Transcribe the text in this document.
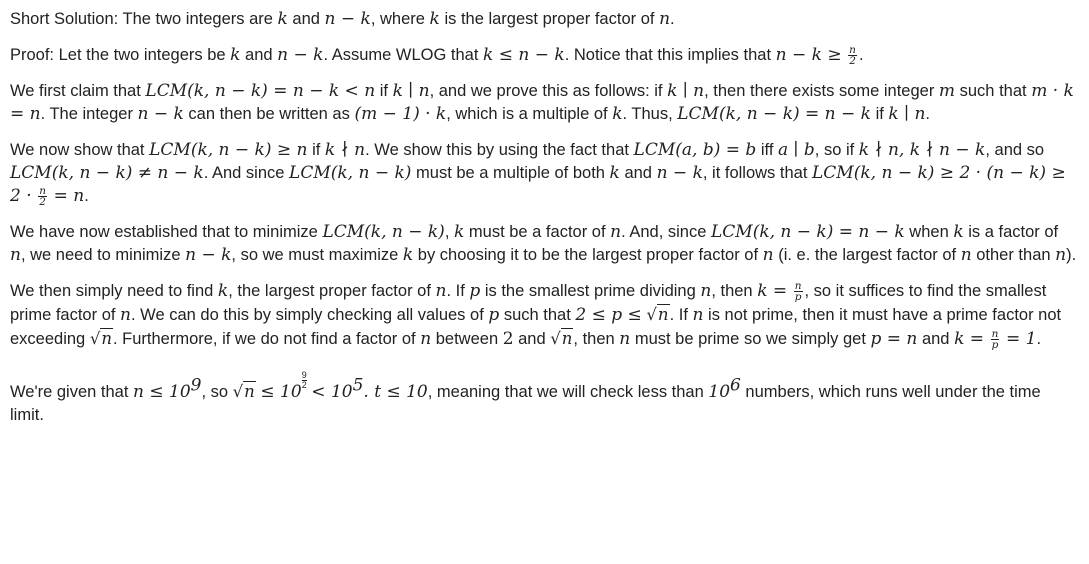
Short Solution: The two integers are k and n − k, where k is the largest proper factor of n.

Proof: Let the two integers be k and n − k. Assume WLOG that k ≤ n − k. Notice that this implies that $n - k \ge \frac{n}{2}$ .

We first claim that LCM(k, n − k) = n − k < n if k ∣ n, and we prove this as follows: if k ∣ n, then there exists some integer m such that m · k = n. The integer n − k can then be written as (m − 1) · k, which is a multiple of k. Thus, LCM(k, n − k) = n − k if k ∣ n.

We now show that LCM(k, n − k) ≥ n if k ∤ n. We show this by using the fact that LCM(a, b) = b iff a ∣ b, so if k ∤ n, k ∤ n − k, and so LCM(k, n − k) ≠ n − k. And since LCM(k, n − k) must be a multiple of both k and n − k, it follows that LCM(k, $n - k) \ge 2 \cdot (n - k) \ge 2 \cdot \frac{n}{2} = n$.

We have now established that to minimize LCM(k, n − k), k must be a factor of n. And, since LCM(k, n − k) = n − k when k is a factor of n, we need to minimize n − k, so we must maximize k by choosing it to be the largest proper factor of n (i. e. the largest factor of n other than n).

We then simply need to find k, the largest proper factor of n. If p is the smallest prime dividing n, then $k = \frac{n}{p}$ , so it suffices to find the smallest prime factor of n. We can do this by simply checking all values of p such that 2 ≤ p ≤ √n. If n is not prime, then it must have a prime factor not exceeding √n. Furthermore, if we do not find a factor of n between 2 and √n, then n must be prime so we simply get p = n and $k = \frac{n}{p} = 1$.

We're given that $n \le 10^9$, so √n ≤ 10
$\frac{9}{2}$
< $10^5$. t ≤ 10, meaning that we will check less than $10^6$ numbers, which runs well under the time limit.
